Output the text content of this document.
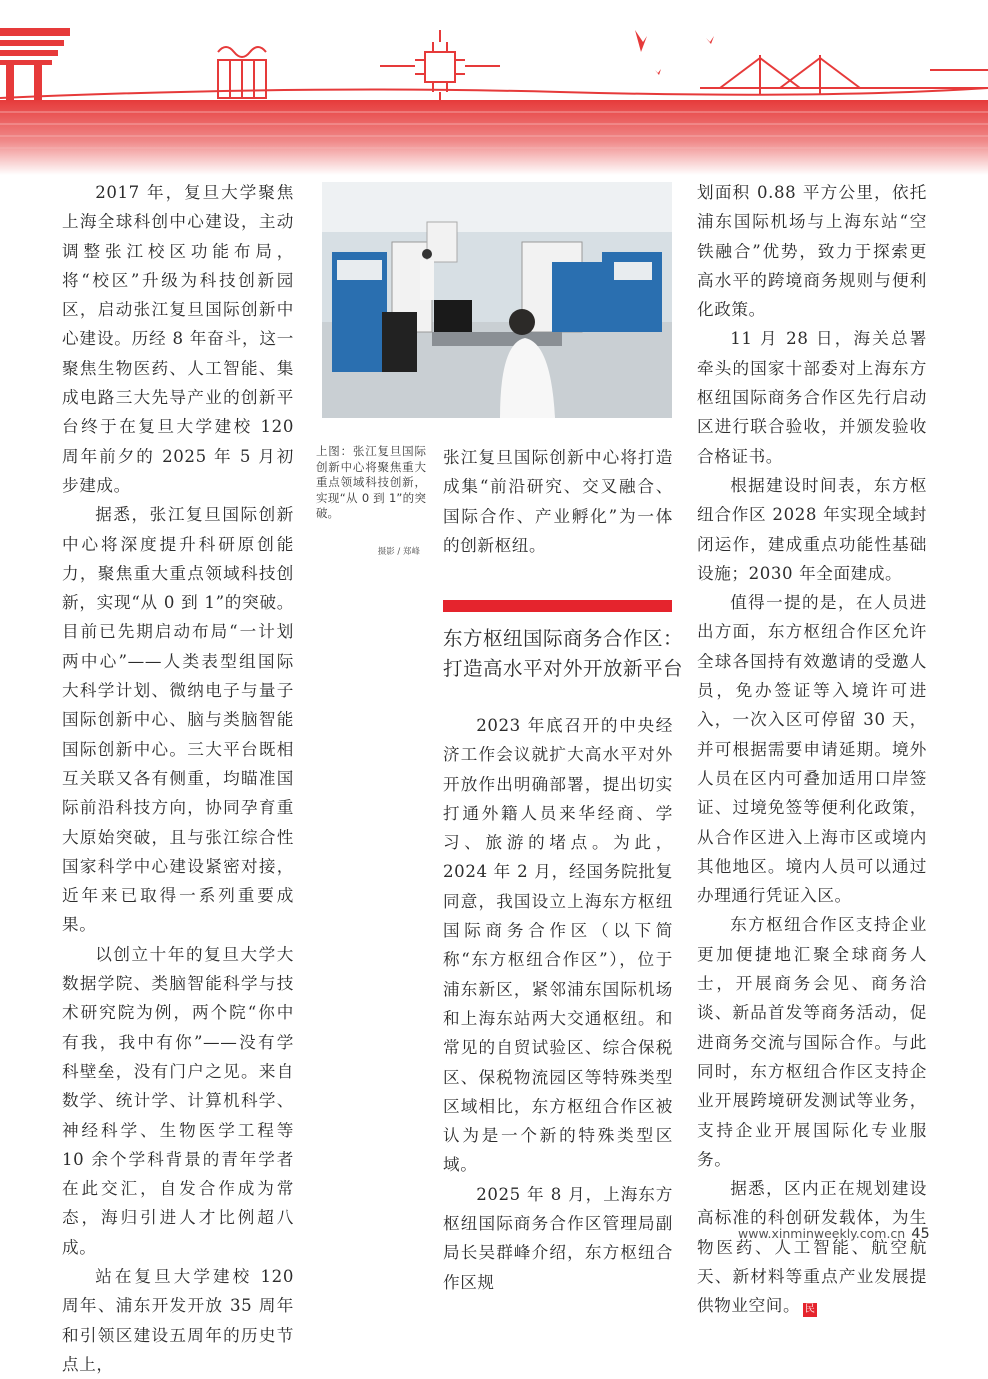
2017 年，复旦大学聚焦上海全球科创中心建设，主动调整张江校区功能布局，将“校区”升级为科技创新园区，启动张江复旦国际创新中心建设。历经 8 年奋斗，这一聚焦生物医药、人工智能、集成电路三大先导产业的创新平台终于在复旦大学建校 120 周年前夕的 2025 年 5 月初步建成。

据悉，张江复旦国际创新中心将深度提升科研原创能力，聚焦重大重点领域科技创新，实现“从 0 到 1”的突破。目前已先期启动布局“一计划两中心”——人类表型组国际大科学计划、微纳电子与量子国际创新中心、脑与类脑智能国际创新中心。三大平台既相互关联又各有侧重，均瞄准国际前沿科技方向，协同孕育重大原始突破，且与张江综合性国家科学中心建设紧密对接，近年来已取得一系列重要成果。

以创立十年的复旦大学大数据学院、类脑智能科学与技术研究院为例，两个院“你中有我，我中有你”——没有学科壁垒，没有门户之见。来自数学、统计学、计算机科学、神经科学、生物医学工程等 10 余个学科背景的青年学者在此交汇，自发合作成为常态，海归引进人才比例超八成。

站在复旦大学建校 120 周年、浦东开发开放 35 周年和引领区建设五周年的历史节点上，

上图：张江复旦国际创新中心将聚焦重大重点领域科技创新，实现“从 0 到 1”的突破。
摄影 / 郑峰

张江复旦国际创新中心将打造成集“前沿研究、交叉融合、国际合作、产业孵化”为一体的创新枢纽。

东方枢纽国际商务合作区：
打造高水平对外开放新平台

2023 年底召开的中央经济工作会议就扩大高水平对外开放作出明确部署，提出切实打通外籍人员来华经商、学习、旅游的堵点。为此，2024 年 2 月，经国务院批复同意，我国设立上海东方枢纽国际商务合作区（以下简称“东方枢纽合作区”），位于浦东新区，紧邻浦东国际机场和上海东站两大交通枢纽。和常见的自贸试验区、综合保税区、保税物流园区等特殊类型区域相比，东方枢纽合作区被认为是一个新的特殊类型区域。

2025 年 8 月，上海东方枢纽国际商务合作区管理局副局长吴群峰介绍，东方枢纽合作区规

划面积 0.88 平方公里，依托浦东国际机场与上海东站“空铁融合”优势，致力于探索更高水平的跨境商务规则与便利化政策。

11 月 28 日，海关总署牵头的国家十部委对上海东方枢纽国际商务合作区先行启动区进行联合验收，并颁发验收合格证书。

根据建设时间表，东方枢纽合作区 2028 年实现全域封闭运作，建成重点功能性基础设施；2030 年全面建成。

值得一提的是，在人员进出方面，东方枢纽合作区允许全球各国持有效邀请的受邀人员，免办签证等入境许可进入，一次入区可停留 30 天，并可根据需要申请延期。境外人员在区内可叠加适用口岸签证、过境免签等便利化政策，从合作区进入上海市区或境内其他地区。境内人员可以通过办理通行凭证入区。

东方枢纽合作区支持企业更加便捷地汇聚全球商务人士，开展商务会见、商务洽谈、新品首发等商务活动，促进商务交流与国际合作。与此同时，东方枢纽合作区支持企业开展跨境研发测试等业务，支持企业开展国际化专业服务。

据悉，区内正在规划建设高标准的科创研发载体，为生物医药、人工智能、航空航天、新材料等重点产业发展提供物业空间。 民

www.xinminweekly.com.cn 45
